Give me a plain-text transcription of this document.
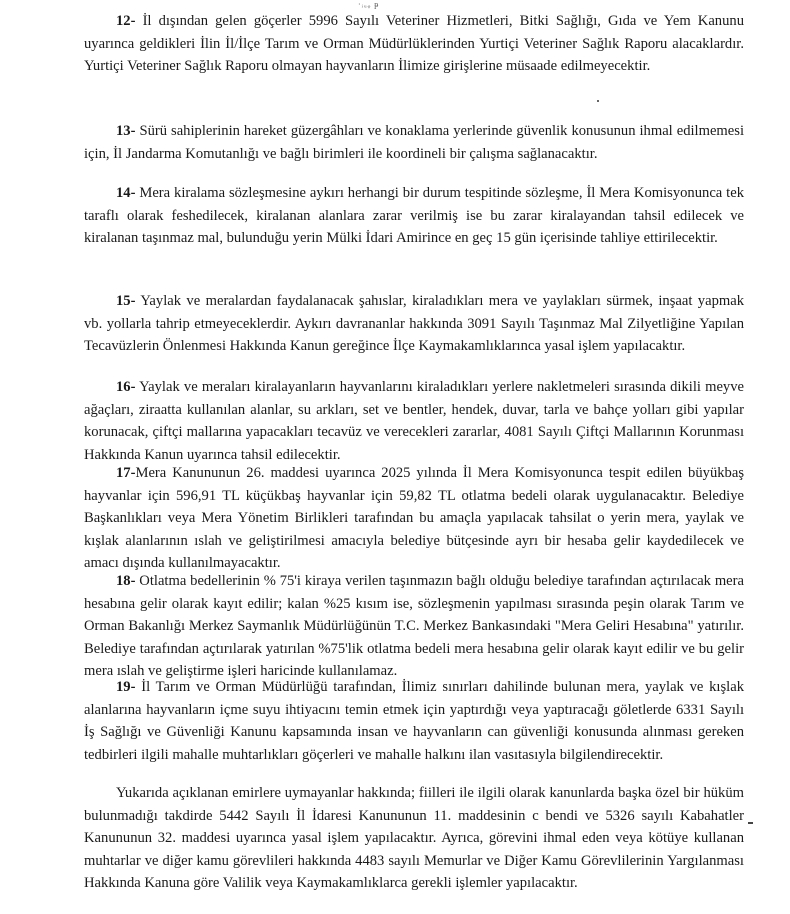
·ᵢᵤᵩ ᵽ

12- İl dışından gelen göçerler 5996 Sayılı Veteriner Hizmetleri, Bitki Sağlığı, Gıda ve Yem Kanunu uyarınca geldikleri İlin İl/İlçe Tarım ve Orman Müdürlüklerinden Yurtiçi Veteriner Sağlık Raporu alacaklardır. Yurtiçi Veteriner Sağlık Raporu olmayan hayvanların İlimize girişlerine müsaade edilmeyecektir.

13- Sürü sahiplerinin hareket güzergâhları ve konaklama yerlerinde güvenlik konusunun ihmal edilmemesi için, İl Jandarma Komutanlığı ve bağlı birimleri ile koordineli bir çalışma sağlanacaktır.

14- Mera kiralama sözleşmesine aykırı herhangi bir durum tespitinde sözleşme, İl Mera Komisyonunca tek taraflı olarak feshedilecek, kiralanan alanlara zarar verilmiş ise bu zarar kiralayandan tahsil edilecek ve kiralanan taşınmaz mal, bulunduğu yerin Mülki İdari Amirince en geç 15 gün içerisinde tahliye ettirilecektir.

15- Yaylak ve meralardan faydalanacak şahıslar, kiraladıkları mera ve yaylakları sürmek, inşaat yapmak vb. yollarla tahrip etmeyeceklerdir. Aykırı davrananlar hakkında 3091 Sayılı Taşınmaz Mal Zilyetliğine Yapılan Tecavüzlerin Önlenmesi Hakkında Kanun gereğince İlçe Kaymakamlıklarınca yasal işlem yapılacaktır.

16- Yaylak ve meraları kiralayanların hayvanlarını kiraladıkları yerlere nakletmeleri sırasında dikili meyve ağaçları, ziraatta kullanılan alanlar, su arkları, set ve bentler, hendek, duvar, tarla ve bahçe yolları gibi yapılar korunacak, çiftçi mallarına yapacakları tecavüz ve verecekleri zararlar, 4081 Sayılı Çiftçi Mallarının Korunması Hakkında Kanun uyarınca tahsil edilecektir.

17-Mera Kanununun 26. maddesi uyarınca 2025 yılında İl Mera Komisyonunca tespit edilen büyükbaş hayvanlar için 596,91 TL küçükbaş hayvanlar için 59,82 TL otlatma bedeli olarak uygulanacaktır. Belediye Başkanlıkları veya Mera Yönetim Birlikleri tarafından bu amaçla yapılacak tahsilat o yerin mera, yaylak ve kışlak alanlarının ıslah ve geliştirilmesi amacıyla belediye bütçesinde ayrı bir hesaba gelir kaydedilecek ve amacı dışında kullanılmayacaktır.

18- Otlatma bedellerinin % 75'i kiraya verilen taşınmazın bağlı olduğu belediye tarafından açtırılacak mera hesabına gelir olarak kayıt edilir; kalan %25 kısım ise, sözleşmenin yapılması sırasında peşin olarak Tarım ve Orman Bakanlığı Merkez Saymanlık Müdürlüğünün T.C. Merkez Bankasındaki "Mera Geliri Hesabına" yatırılır. Belediye tarafından açtırılarak yatırılan %75'lik otlatma bedeli mera hesabına gelir olarak kayıt edilir ve bu gelir mera ıslah ve geliştirme işleri haricinde kullanılamaz.

19- İl Tarım ve Orman Müdürlüğü tarafından, İlimiz sınırları dahilinde bulunan mera, yaylak ve kışlak alanlarına hayvanların içme suyu ihtiyacını temin etmek için yaptırdığı veya yaptıracağı göletlerde 6331 Sayılı İş Sağlığı ve Güvenliği Kanunu kapsamında insan ve hayvanların can güvenliği konusunda alınması gereken tedbirleri ilgili mahalle muhtarlıkları göçerleri ve mahalle halkını ilan vasıtasıyla bilgilendirecektir.

Yukarıda açıklanan emirlere uymayanlar hakkında; fiilleri ile ilgili olarak kanunlarda başka özel bir hüküm bulunmadığı takdirde 5442 Sayılı İl İdaresi Kanununun 11. maddesinin c bendi ve 5326 sayılı Kabahatler Kanununun 32. maddesi uyarınca yasal işlem yapılacaktır. Ayrıca, görevini ihmal eden veya kötüye kullanan muhtarlar ve diğer kamu görevlileri hakkında 4483 sayılı Memurlar ve Diğer Kamu Görevlilerinin Yargılanması Hakkında Kanuna göre Valilik veya Kaymakamlıklarca gerekli işlemler yapılacaktır.
